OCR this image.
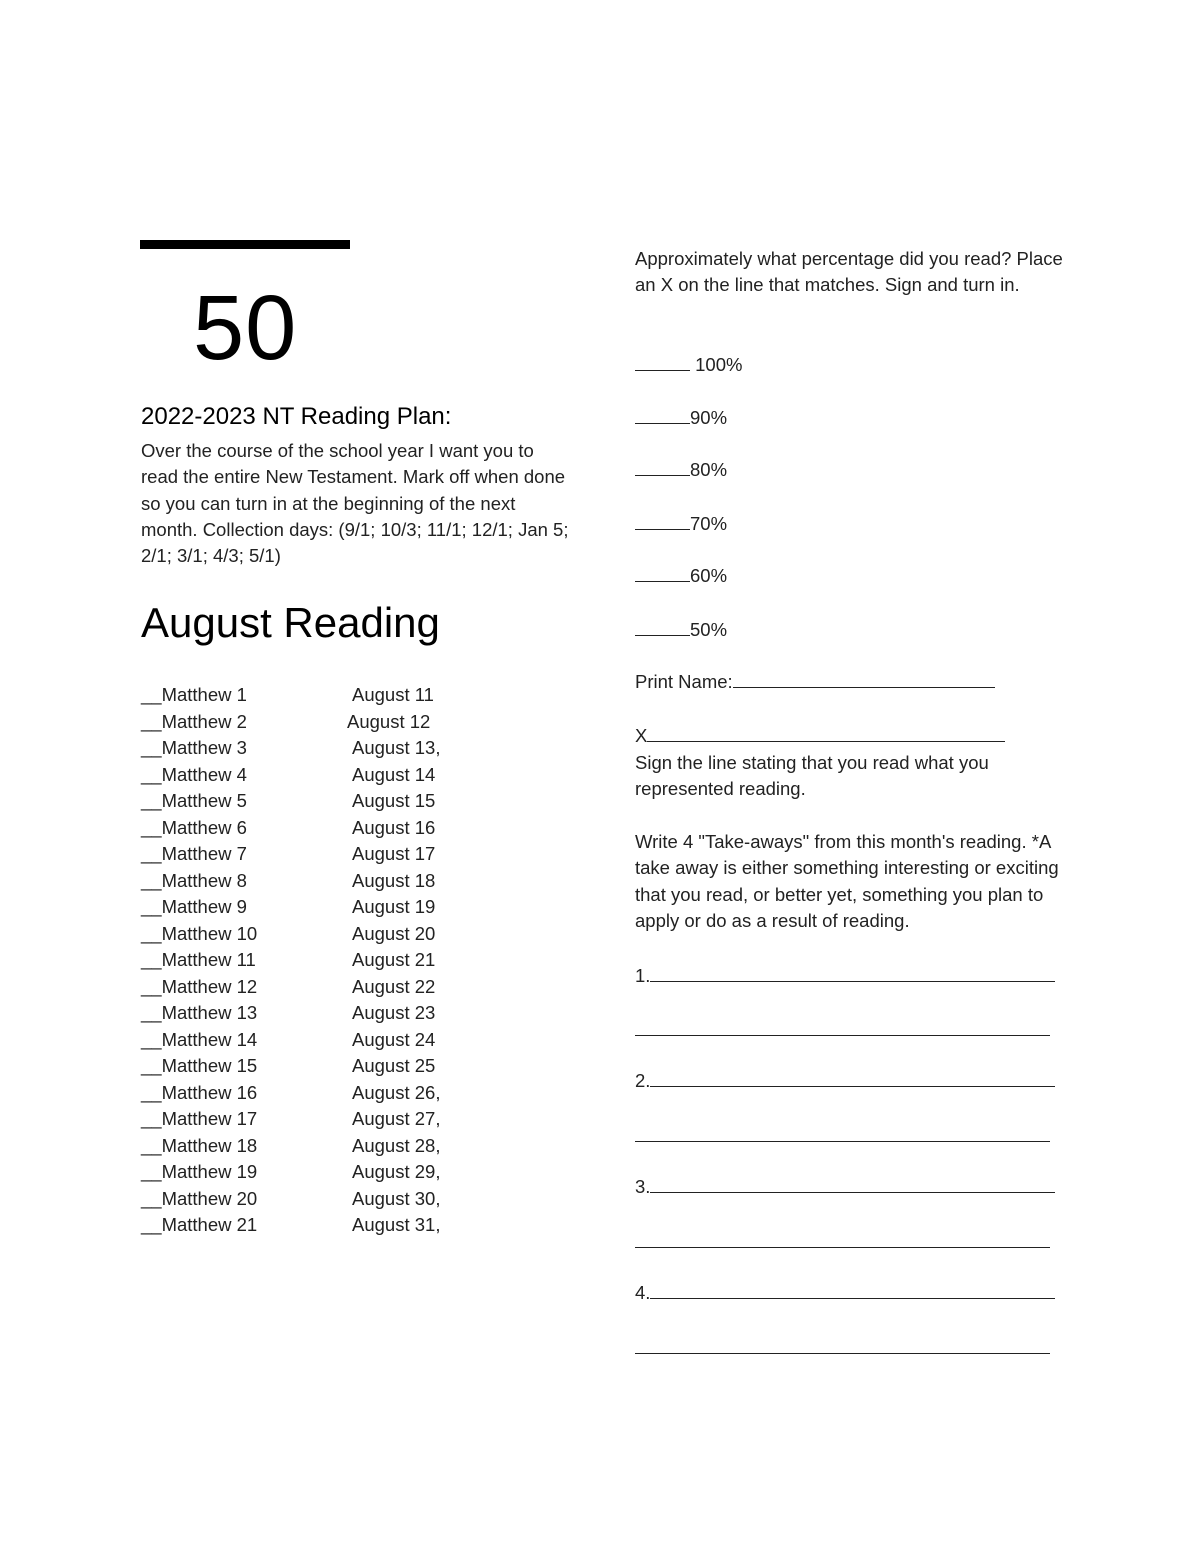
50
2022-2023 NT Reading Plan:
Over the course of the school year I want you to read the entire New Testament. Mark off when done so you can turn in at the beginning of the next month. Collection days: (9/1; 10/3; 11/1; 12/1; Jan 5; 2/1; 3/1; 4/3; 5/1)
August Reading
__Matthew 1	August 11
__Matthew 2	August 12
__Matthew 3	August 13,
__Matthew 4	August 14
__Matthew 5	August 15
__Matthew 6	August 16
__Matthew 7	August 17
__Matthew 8	August 18
__Matthew 9	August 19
__Matthew 10	August 20
__Matthew 11	August 21
__Matthew 12	August 22
__Matthew 13	August 23
__Matthew 14	August 24
__Matthew 15	August 25
__Matthew 16	August 26,
__Matthew 17	August 27,
__Matthew 18	August 28,
__Matthew 19	August 29,
__Matthew 20	August 30,
__Matthew 21	August 31,
Approximately what percentage did you read? Place an X on the line that matches. Sign and turn in.
100%
90%
80%
70%
60%
50%
Print Name:
X
Sign the line stating that you read what you represented reading.
Write 4 "Take-aways" from this month's reading. *A take away is either something interesting or exciting that you read, or better yet, something you plan to apply or do as a result of reading.
1.
2.
3.
4.
